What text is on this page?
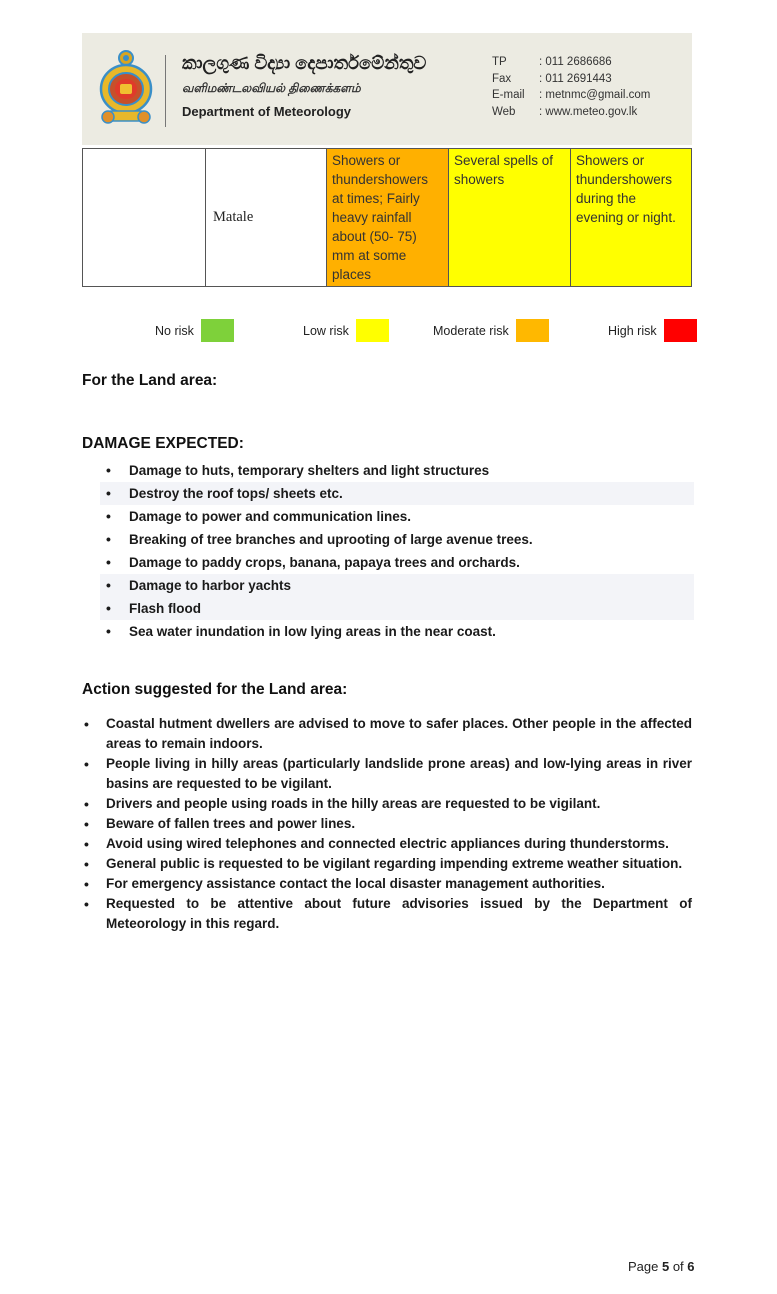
කාලගුණ විද්‍යා දෙපාර්තමේන්තුව
வளிமண்டலவியல் திணைக்களம்
Department of Meteorology
TP	: 011 2686686
Fax	: 011 2691443
E-mail	: metnmc@gmail.com
Web	: www.meteo.gov.lk
	Matale	Showers or thundershowers at times; Fairly heavy rainfall about (50- 75) mm at some places	Several spells of showers	Showers or thundershowers during the evening or night.
No risk	Low risk	Moderate risk	High risk
For the Land area:
DAMAGE EXPECTED:
• Damage to huts, temporary shelters and light structures
• Destroy the roof tops/ sheets etc.
• Damage to power and communication lines.
• Breaking of tree branches and uprooting of large avenue trees.
• Damage to paddy crops, banana, papaya trees and orchards.
• Damage to harbor yachts
• Flash flood
• Sea water inundation in low lying areas in the near coast.
Action suggested for the Land area:
• Coastal hutment dwellers are advised to move to safer places. Other people in the affected areas to remain indoors.
• People living in hilly areas (particularly landslide prone areas) and low-lying areas in river basins are requested to be vigilant.
• Drivers and people using roads in the hilly areas are requested to be vigilant.
• Beware of fallen trees and power lines.
• Avoid using wired telephones and connected electric appliances during thunderstorms.
• General public is requested to be vigilant regarding impending extreme weather situation.
• For emergency assistance contact the local disaster management authorities.
• Requested to be attentive about future advisories issued by the Department of Meteorology in this regard.
Page 5 of 6
